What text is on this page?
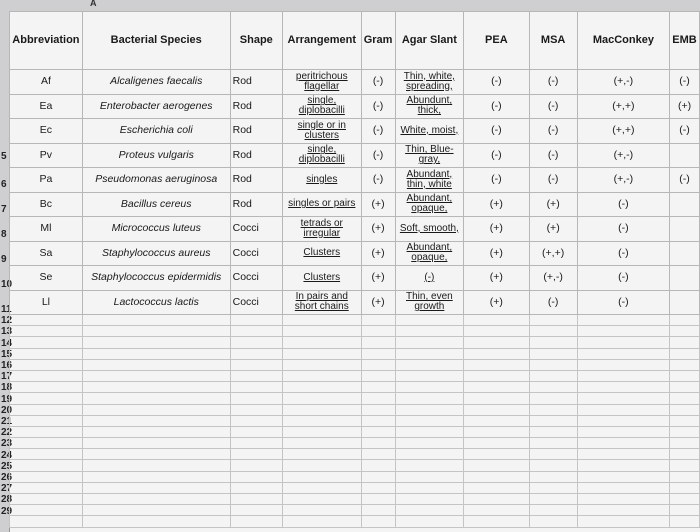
A
5
6
7
8
9
10
11
12
13
14
15
16
17
18
19
20
21
22
23
24
25
26
27
28
29
Abbreviation	Bacterial Species	Shape	Arrangement	Gram	Agar Slant	PEA	MSA	MacConkey	EMB
Af	Alcaligenes faecalis	Rod	peritrichous flagellar	(-)	Thin, white, spreading,	(-)	(-)	(+,-)	(-)
Ea	Enterobacter aerogenes	Rod	single, diplobacilli	(-)	Abundunt, thick,	(-)	(-)	(+,+)	(+)
Ec	Escherichia coli	Rod	single or in clusters	(-)	White, moist,	(-)	(-)	(+,+)	(-)
Pv	Proteus vulgaris	Rod	single, diplobacilli	(-)	Thin, Blue-gray,	(-)	(-)	(+,-)	
Pa	Pseudomonas aeruginosa	Rod	singles	(-)	Abundant, thin, white	(-)	(-)	(+,-)	(-)
Bc	Bacillus cereus	Rod	singles or pairs	(+)	Abundant, opaque,	(+)	(+)	(-)	
Ml	Micrococcus luteus	Cocci	tetrads or irregular	(+)	Soft, smooth,	(+)	(+)	(-)	
Sa	Staphylococcus aureus	Cocci	Clusters	(+)	Abundant, opaque,	(+)	(+,+)	(-)	
Se	Staphylococcus epidermidis	Cocci	Clusters	(+)	(-)	(+)	(+,-)	(-)	
Ll	Lactococcus lactis	Cocci	In pairs and short chains	(+)	Thin, even growth	(+)	(-)	(-)	
